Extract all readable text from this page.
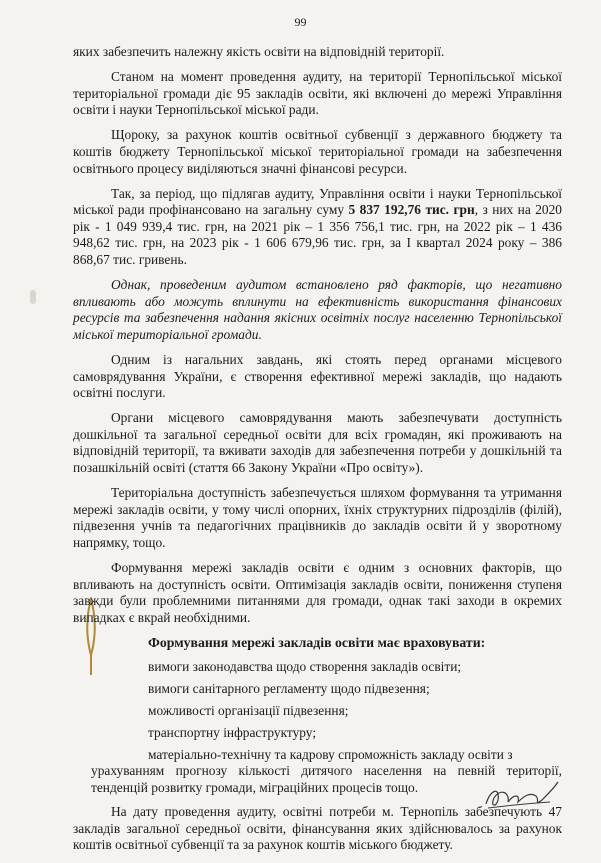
99

яких забезпечить належну якість освіти на відповідній території.

Станом на момент проведення аудиту, на території Тернопільської міської територіальної громади діє 95 закладів освіти, які включені до мережі Управління освіти і науки Тернопільської міської ради.

Щороку, за рахунок коштів освітньої субвенції з державного бюджету та коштів бюджету Тернопільської міської територіальної громади на забезпечення освітнього процесу виділяються значні фінансові ресурси.

Так, за період, що підлягав аудиту, Управління освіти і науки Тернопільської міської ради профінансовано на загальну суму 5 837 192,76 тис. грн, з них на 2020 рік - 1 049 939,4 тис. грн, на 2021 рік – 1 356 756,1 тис. грн, на 2022 рік – 1 436 948,62 тис. грн, на 2023 рік - 1 606 679,96 тис. грн, за I квартал 2024 року – 386 868,67 тис. гривень.

Однак, проведеним аудитом встановлено ряд факторів, що негативно впливають або можуть вплинути на ефективність використання фінансових ресурсів та забезпечення надання якісних освітніх послуг населенню Тернопільської міської територіальної громади.

Одним із нагальних завдань, які стоять перед органами місцевого самоврядування України, є створення ефективної мережі закладів, що надають освітні послуги.

Органи місцевого самоврядування мають забезпечувати доступність дошкільної та загальної середньої освіти для всіх громадян, які проживають на відповідній території, та вживати заходів для забезпечення потреби у дошкільній та позашкільній освіті (стаття 66 Закону України «Про освіту»).

Територіальна доступність забезпечується шляхом формування та утримання мережі закладів освіти, у тому числі опорних, їхніх структурних підрозділів (філій), підвезення учнів та педагогічних працівників до закладів освіти й у зворотному напрямку, тощо.

Формування мережі закладів освіти є одним з основних факторів, що впливають на доступність освіти. Оптимізація закладів освіти, пониження ступеня завжди були проблемними питаннями для громади, однак такі заходи в окремих випадках є вкрай необхідними.

Формування мережі закладів освіти має враховувати:
вимоги законодавства щодо створення закладів освіти;
вимоги санітарного регламенту щодо підвезення;
можливості організації підвезення;
транспортну інфраструктуру;
матеріально-технічну та кадрову спроможність закладу освіти з
урахуванням прогнозу кількості дитячого населення на певній території, тенденцій розвитку громади, міграційних процесів тощо.

На дату проведення аудиту, освітні потреби м. Тернопіль забезпечують 47 закладів загальної середньої освіти, фінансування яких здійснювалось за рахунок коштів освітньої субвенції та за рахунок коштів міського бюджету.
